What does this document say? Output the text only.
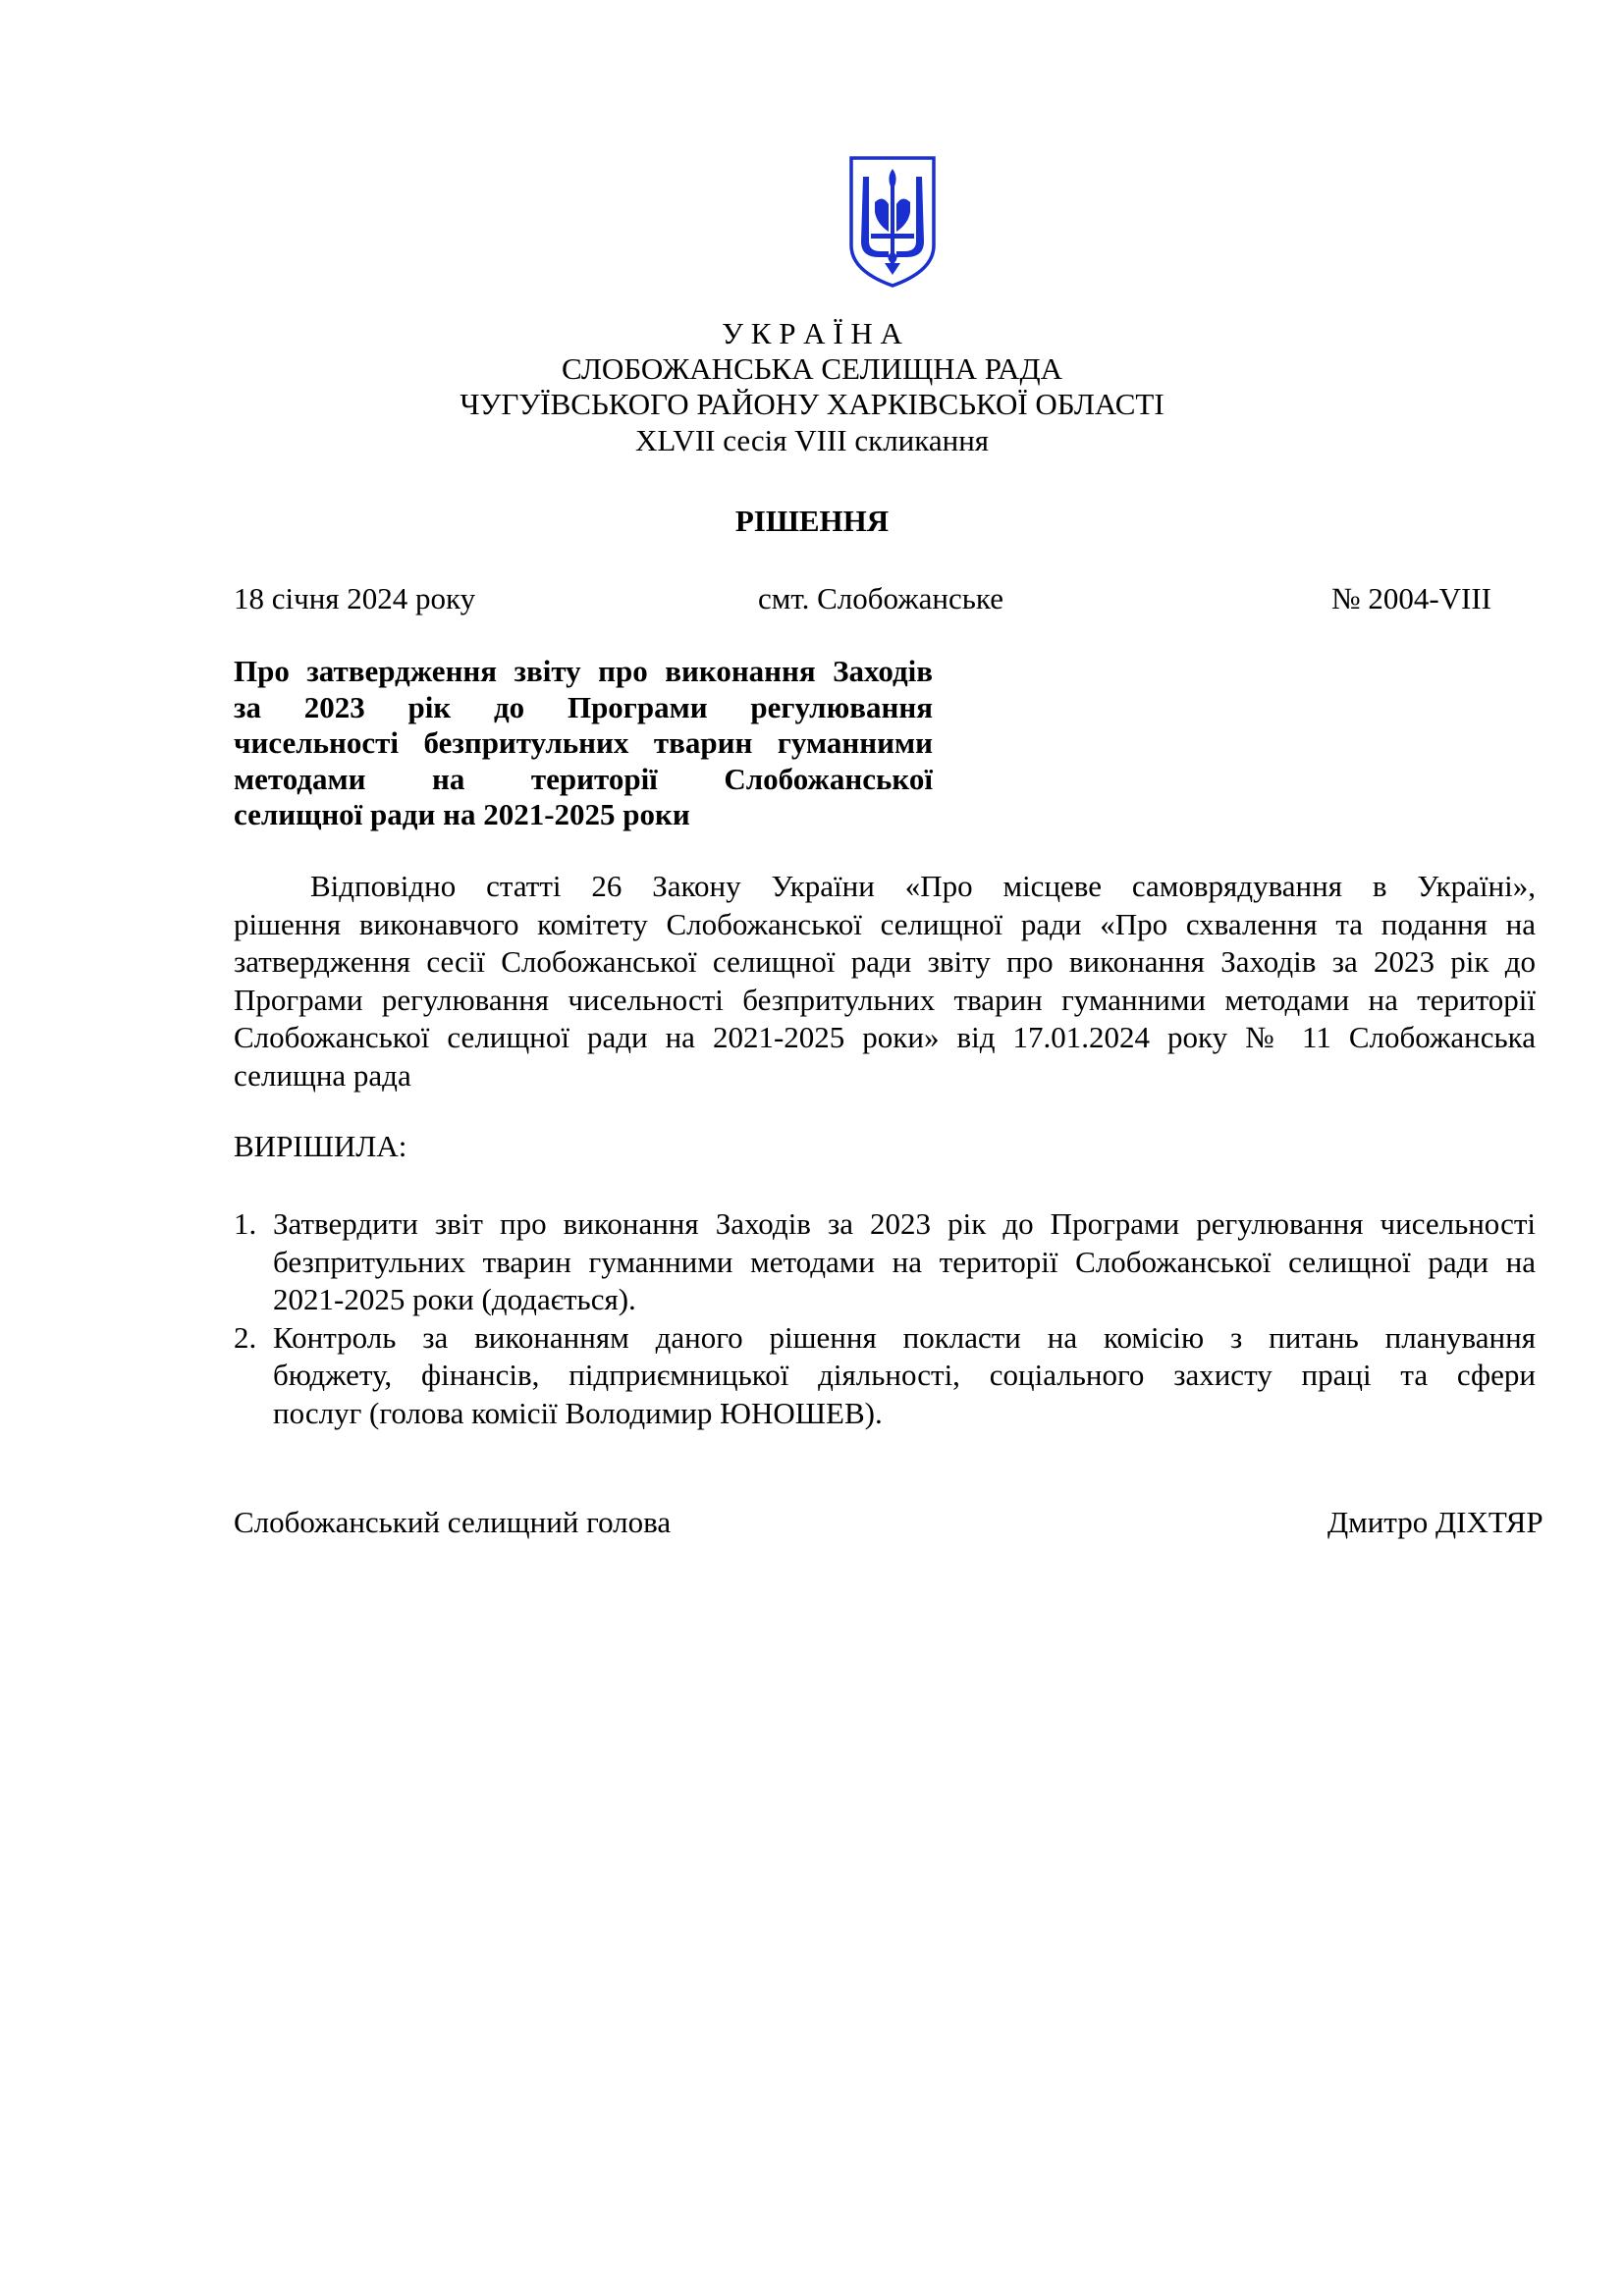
У К Р А Ї Н А
СЛОБОЖАНСЬКА СЕЛИЩНА РАДА
ЧУГУЇВСЬКОГО РАЙОНУ ХАРКІВСЬКОЇ ОБЛАСТІ
XLVII сесія VIII скликання
РІШЕННЯ
18 січня 2024 року	смт. Слобожанське	№ 2004-VIII
Про затвердження звіту про виконання Заходів
за 2023 рік до Програми регулювання
чисельності безпритульних тварин гуманними
методами на території Слобожанської
селищної ради на 2021-2025 роки
Відповідно статті 26 Закону України «Про місцеве самоврядування в Україні»,
рішення виконавчого комітету Слобожанської селищної ради «Про схвалення та подання на
затвердження сесії Слобожанської селищної ради звіту про виконання Заходів за 2023 рік до
Програми регулювання чисельності безпритульних тварин гуманними методами на території
Слобожанської селищної ради на 2021-2025 роки» від 17.01.2024 року № 11 Слобожанська
селищна рада
ВИРІШИЛА:
1. Затвердити звіт про виконання Заходів за 2023 рік до Програми регулювання чисельності
безпритульних тварин гуманними методами на території Слобожанської селищної ради на
2021-2025 роки (додається).
2. Контроль за виконанням даного рішення покласти на комісію з питань планування
бюджету, фінансів, підприємницької діяльності, соціального захисту праці та сфери
послуг (голова комісії Володимир ЮНОШЕВ).
Слобожанський селищний голова	Дмитро ДІХТЯР
